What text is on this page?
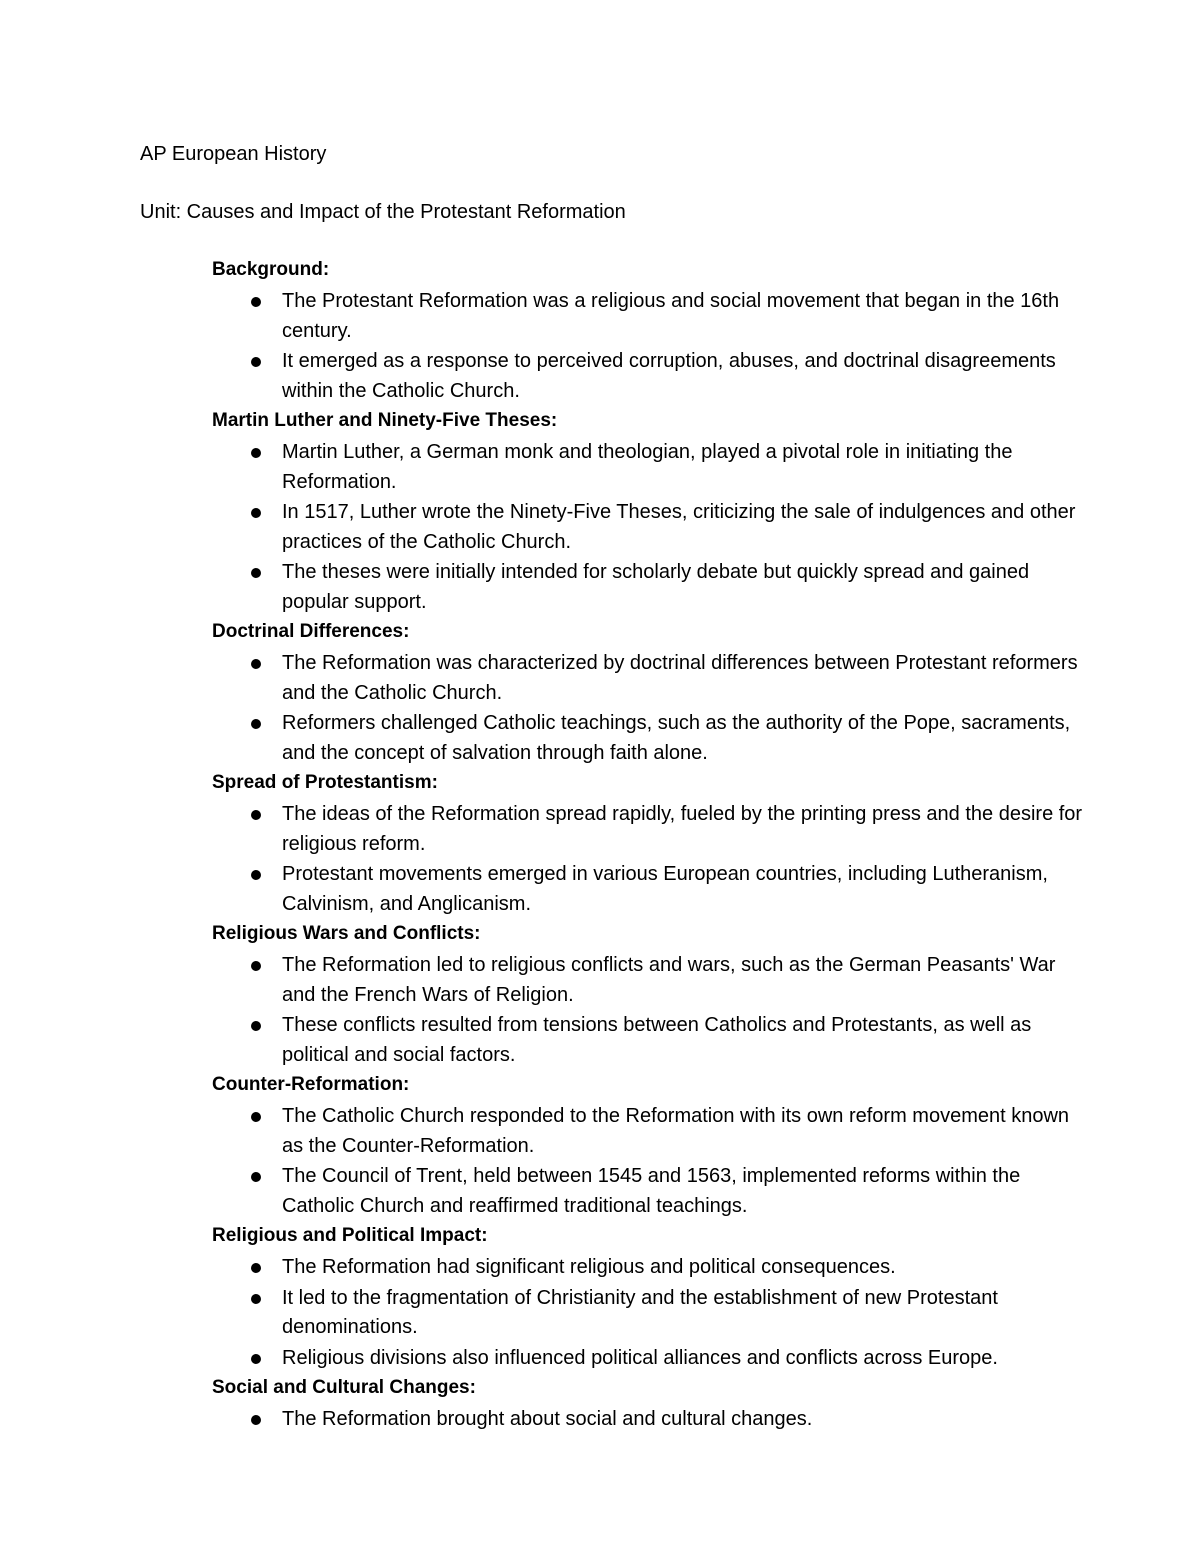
AP European History

Unit: Causes and Impact of the Protestant Reformation

Background:

The Protestant Reformation was a religious and social movement that began in the 16th century.
It emerged as a response to perceived corruption, abuses, and doctrinal disagreements within the Catholic Church.

Martin Luther and Ninety-Five Theses:

Martin Luther, a German monk and theologian, played a pivotal role in initiating the Reformation.
In 1517, Luther wrote the Ninety-Five Theses, criticizing the sale of indulgences and other practices of the Catholic Church.
The theses were initially intended for scholarly debate but quickly spread and gained popular support.

Doctrinal Differences:

The Reformation was characterized by doctrinal differences between Protestant reformers and the Catholic Church.
Reformers challenged Catholic teachings, such as the authority of the Pope, sacraments, and the concept of salvation through faith alone.

Spread of Protestantism:

The ideas of the Reformation spread rapidly, fueled by the printing press and the desire for religious reform.
Protestant movements emerged in various European countries, including Lutheranism, Calvinism, and Anglicanism.

Religious Wars and Conflicts:

The Reformation led to religious conflicts and wars, such as the German Peasants' War and the French Wars of Religion.
These conflicts resulted from tensions between Catholics and Protestants, as well as political and social factors.

Counter-Reformation:

The Catholic Church responded to the Reformation with its own reform movement known as the Counter-Reformation.
The Council of Trent, held between 1545 and 1563, implemented reforms within the Catholic Church and reaffirmed traditional teachings.

Religious and Political Impact:

The Reformation had significant religious and political consequences.
It led to the fragmentation of Christianity and the establishment of new Protestant denominations.
Religious divisions also influenced political alliances and conflicts across Europe.

Social and Cultural Changes:

The Reformation brought about social and cultural changes.
